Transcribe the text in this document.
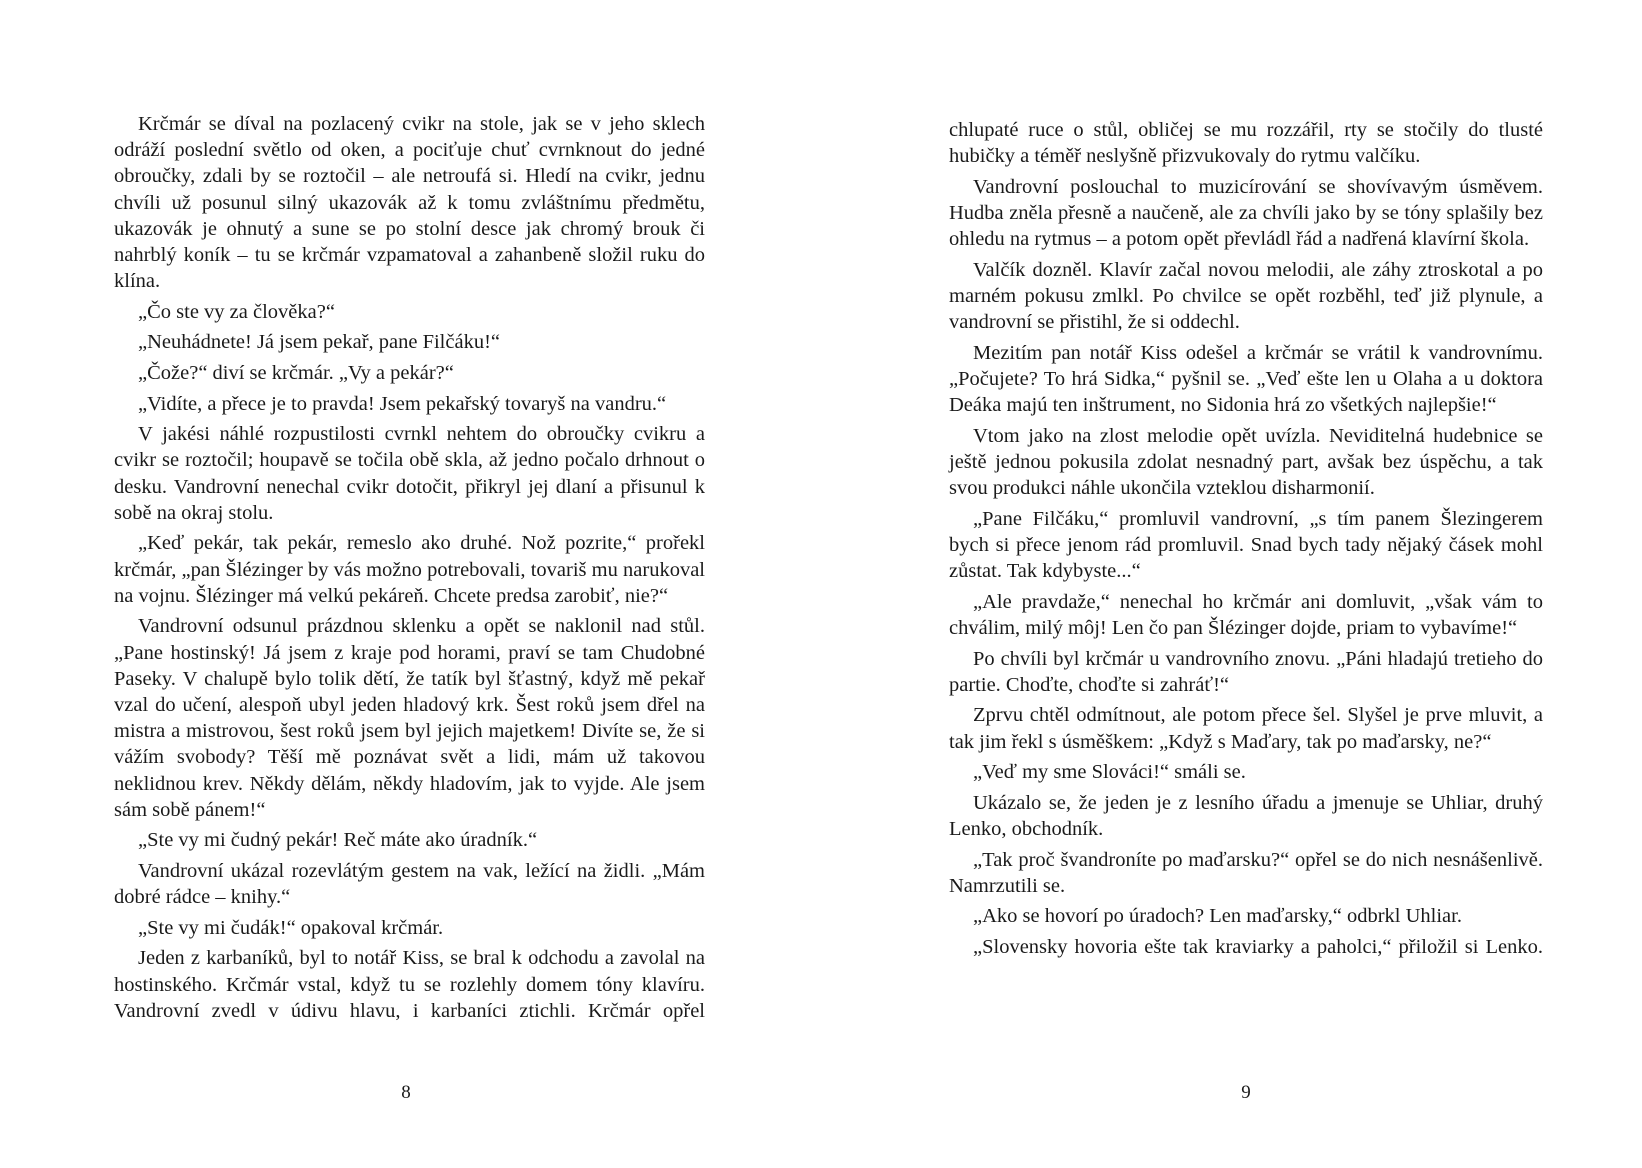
Krčmár se díval na pozlacený cvikr na stole, jak se v jeho sklech odráží poslední světlo od oken, a pociťuje chuť cvrnknout do jedné obroučky, zdali by se roztočil – ale netroufá si. Hledí na cvikr, jednu chvíli už posunul silný ukazovák až k tomu zvláštnímu předmětu, ukazovák je ohnutý a sune se po stolní desce jak chromý brouk či nahrblý koník – tu se krčmár vzpamatoval a zahanbeně složil ruku do klína.

„Čo ste vy za člověka?“

„Neuhádnete! Já jsem pekař, pane Filčáku!“

„Čože?“ diví se krčmár. „Vy a pekár?“

„Vidíte, a přece je to pravda! Jsem pekařský tovaryš na vandru.“

V jakési náhlé rozpustilosti cvrnkl nehtem do obroučky cvikru a cvikr se roztočil; houpavě se točila obě skla, až jedno počalo drhnout o desku. Vandrovní nenechal cvikr dotočit, přikryl jej dlaní a přisunul k sobě na okraj stolu.

„Keď pekár, tak pekár, remeslo ako druhé. Nož pozrite,“ prořekl krčmár, „pan Šlézinger by vás možno potrebovali, tovariš mu narukoval na vojnu. Šlézinger má velkú pekáreň. Chcete predsa zarobiť, nie?“

Vandrovní odsunul prázdnou sklenku a opět se naklonil nad stůl. „Pane hostinský! Já jsem z kraje pod horami, praví se tam Chudobné Paseky. V chalupě bylo tolik dětí, že tatík byl šťastný, když mě pekař vzal do učení, alespoň ubyl jeden hladový krk. Šest roků jsem dřel na mistra a mistrovou, šest roků jsem byl jejich majetkem! Divíte se, že si vážím svobody? Těší mě poznávat svět a lidi, mám už takovou neklidnou krev. Někdy dělám, někdy hladovím, jak to vyjde. Ale jsem sám sobě pánem!“

„Ste vy mi čudný pekár! Reč máte ako úradník.“

Vandrovní ukázal rozevlátým gestem na vak, ležící na židli. „Mám dobré rádce – knihy.“

„Ste vy mi čudák!“ opakoval krčmár.

Jeden z karbaníků, byl to notář Kiss, se bral k odchodu a zavolal na hostinského. Krčmár vstal, když tu se rozlehly domem tóny klavíru. Vandrovní zvedl v údivu hlavu, i karbaníci ztichli. Krčmár opřel

8

chlupaté ruce o stůl, obličej se mu rozzářil, rty se stočily do tlusté hubičky a téměř neslyšně přizvukovaly do rytmu valčíku.

Vandrovní poslouchal to muzicírování se shovívavým úsměvem. Hudba zněla přesně a naučeně, ale za chvíli jako by se tóny splašily bez ohledu na rytmus – a potom opět převládl řád a nadřená klavírní škola.

Valčík dozněl. Klavír začal novou melodii, ale záhy ztroskotal a po marném pokusu zmlkl. Po chvilce se opět rozběhl, teď již plynule, a vandrovní se přistihl, že si oddechl.

Mezitím pan notář Kiss odešel a krčmár se vrátil k vandrovnímu. „Počujete? To hrá Sidka,“ pyšnil se. „Veď ešte len u Olaha a u doktora Deáka majú ten inštrument, no Sidonia hrá zo všetkých najlepšie!“

Vtom jako na zlost melodie opět uvízla. Neviditelná hudebnice se ještě jednou pokusila zdolat nesnadný part, avšak bez úspěchu, a tak svou produkci náhle ukončila vzteklou disharmonií.

„Pane Filčáku,“ promluvil vandrovní, „s tím panem Šlezingerem bych si přece jenom rád promluvil. Snad bych tady nějaký čásek mohl zůstat. Tak kdybyste...“

„Ale pravdaže,“ nenechal ho krčmár ani domluvit, „však vám to chválim, milý môj! Len čo pan Šlézinger dojde, priam to vybavíme!“

Po chvíli byl krčmár u vandrovního znovu. „Páni hladajú tretieho do partie. Choďte, choďte si zahráť!“

Zprvu chtěl odmítnout, ale potom přece šel. Slyšel je prve mluvit, a tak jim řekl s úsměškem: „Když s Maďary, tak po maďarsky, ne?“

„Veď my sme Slováci!“ smáli se.

Ukázalo se, že jeden je z lesního úřadu a jmenuje se Uhliar, druhý Lenko, obchodník.

„Tak proč švandroníte po maďarsku?“ opřel se do nich nesnášenlivě. Namrzutili se.

„Ako se hovorí po úradoch? Len maďarsky,“ odbrkl Uhliar.

„Slovensky hovoria ešte tak kraviarky a paholci,“ přiložil si Lenko.

9
